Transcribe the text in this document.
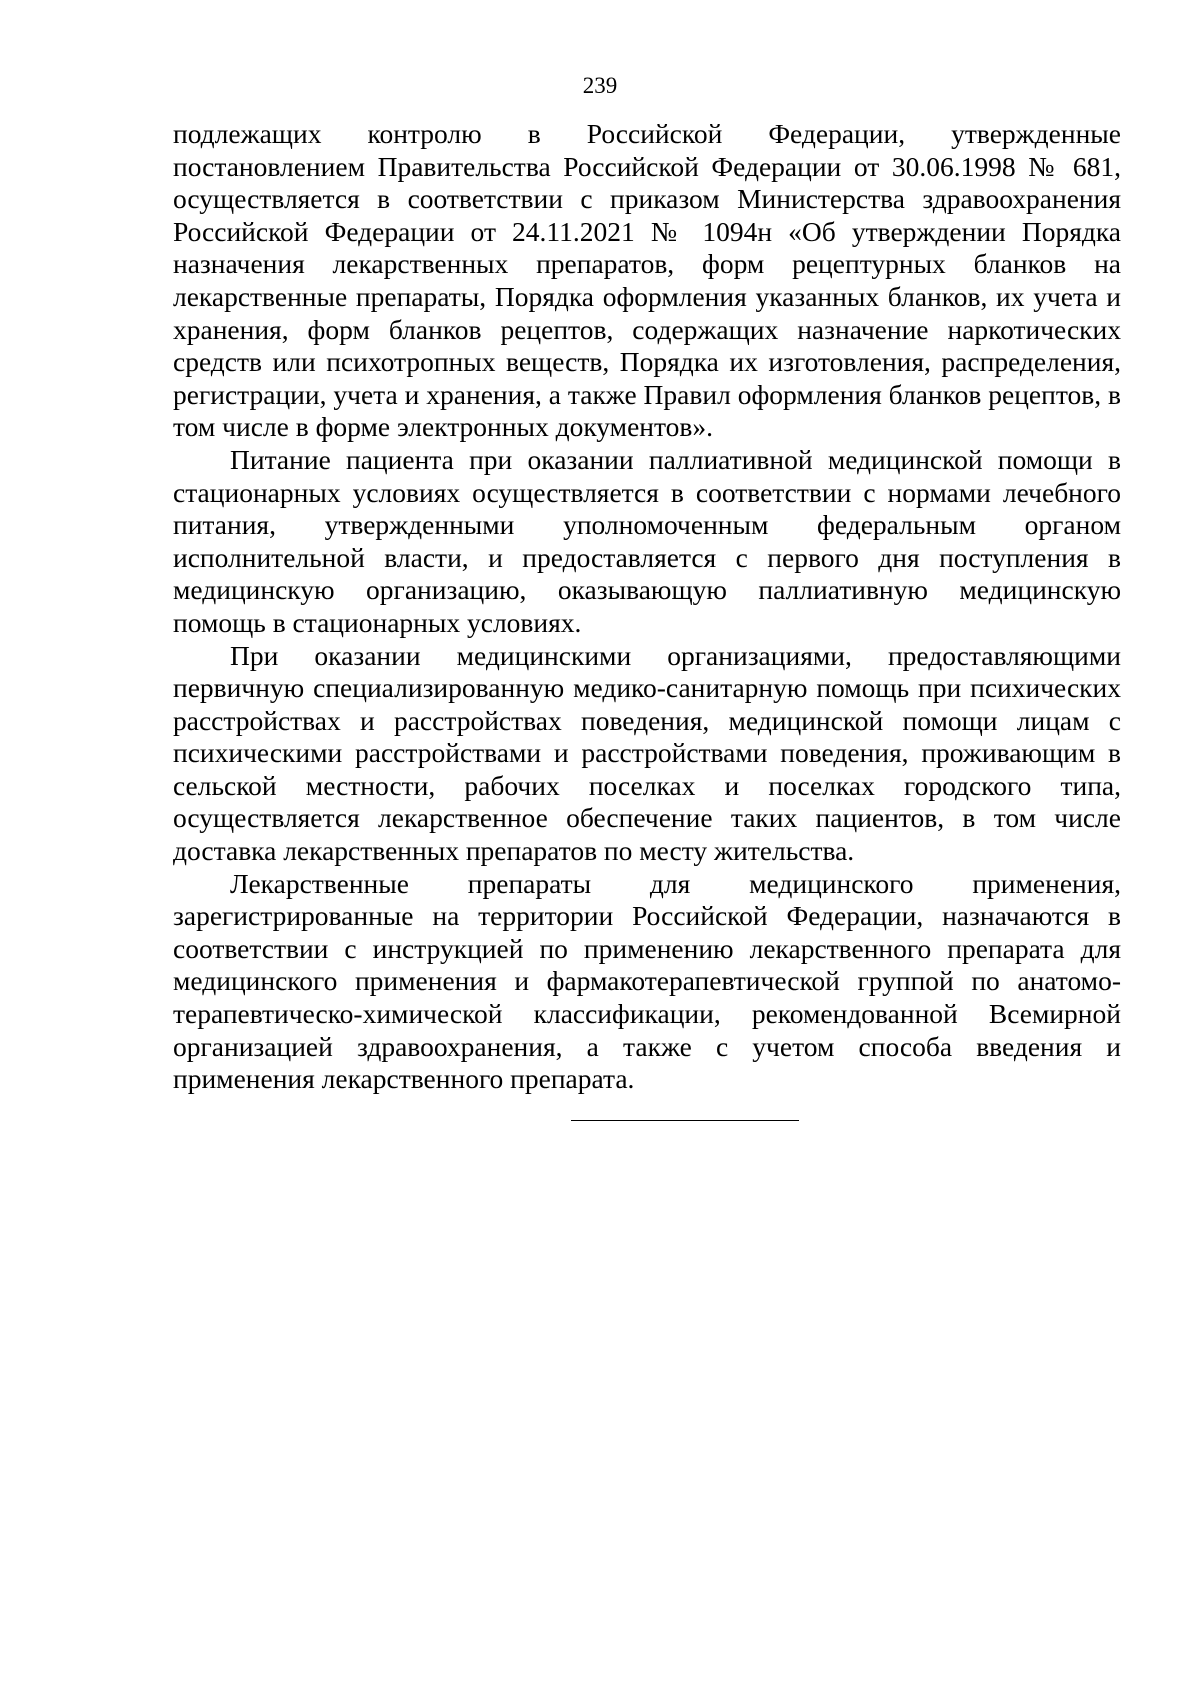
239

подлежащих контролю в Российской Федерации, утвержденные постановлением Правительства Российской Федерации от 30.06.1998 № 681, осуществляется в соответствии с приказом Министерства здравоохранения Российской Федерации от 24.11.2021 № 1094н «Об утверждении Порядка назначения лекарственных препаратов, форм рецептурных бланков на лекарственные препараты, Порядка оформления указанных бланков, их учета и хранения, форм бланков рецептов, содержащих назначение наркотических средств или психотропных веществ, Порядка их изготовления, распределения, регистрации, учета и хранения, а также Правил оформления бланков рецептов, в том числе в форме электронных документов».

Питание пациента при оказании паллиативной медицинской помощи в стационарных условиях осуществляется в соответствии с нормами лечебного питания, утвержденными уполномоченным федеральным органом исполнительной власти, и предоставляется с первого дня поступления в медицинскую организацию, оказывающую паллиативную медицинскую помощь в стационарных условиях.

При оказании медицинскими организациями, предоставляющими первичную специализированную медико-санитарную помощь при психических расстройствах и расстройствах поведения, медицинской помощи лицам с психическими расстройствами и расстройствами поведения, проживающим в сельской местности, рабочих поселках и поселках городского типа, осуществляется лекарственное обеспечение таких пациентов, в том числе доставка лекарственных препаратов по месту жительства.

Лекарственные препараты для медицинского применения, зарегистрированные на территории Российской Федерации, назначаются в соответствии с инструкцией по применению лекарственного препарата для медицинского применения и фармакотерапевтической группой по анатомо-терапевтическо-химической классификации, рекомендованной Всемирной организацией здравоохранения, а также с учетом способа введения и применения лекарственного препарата.
